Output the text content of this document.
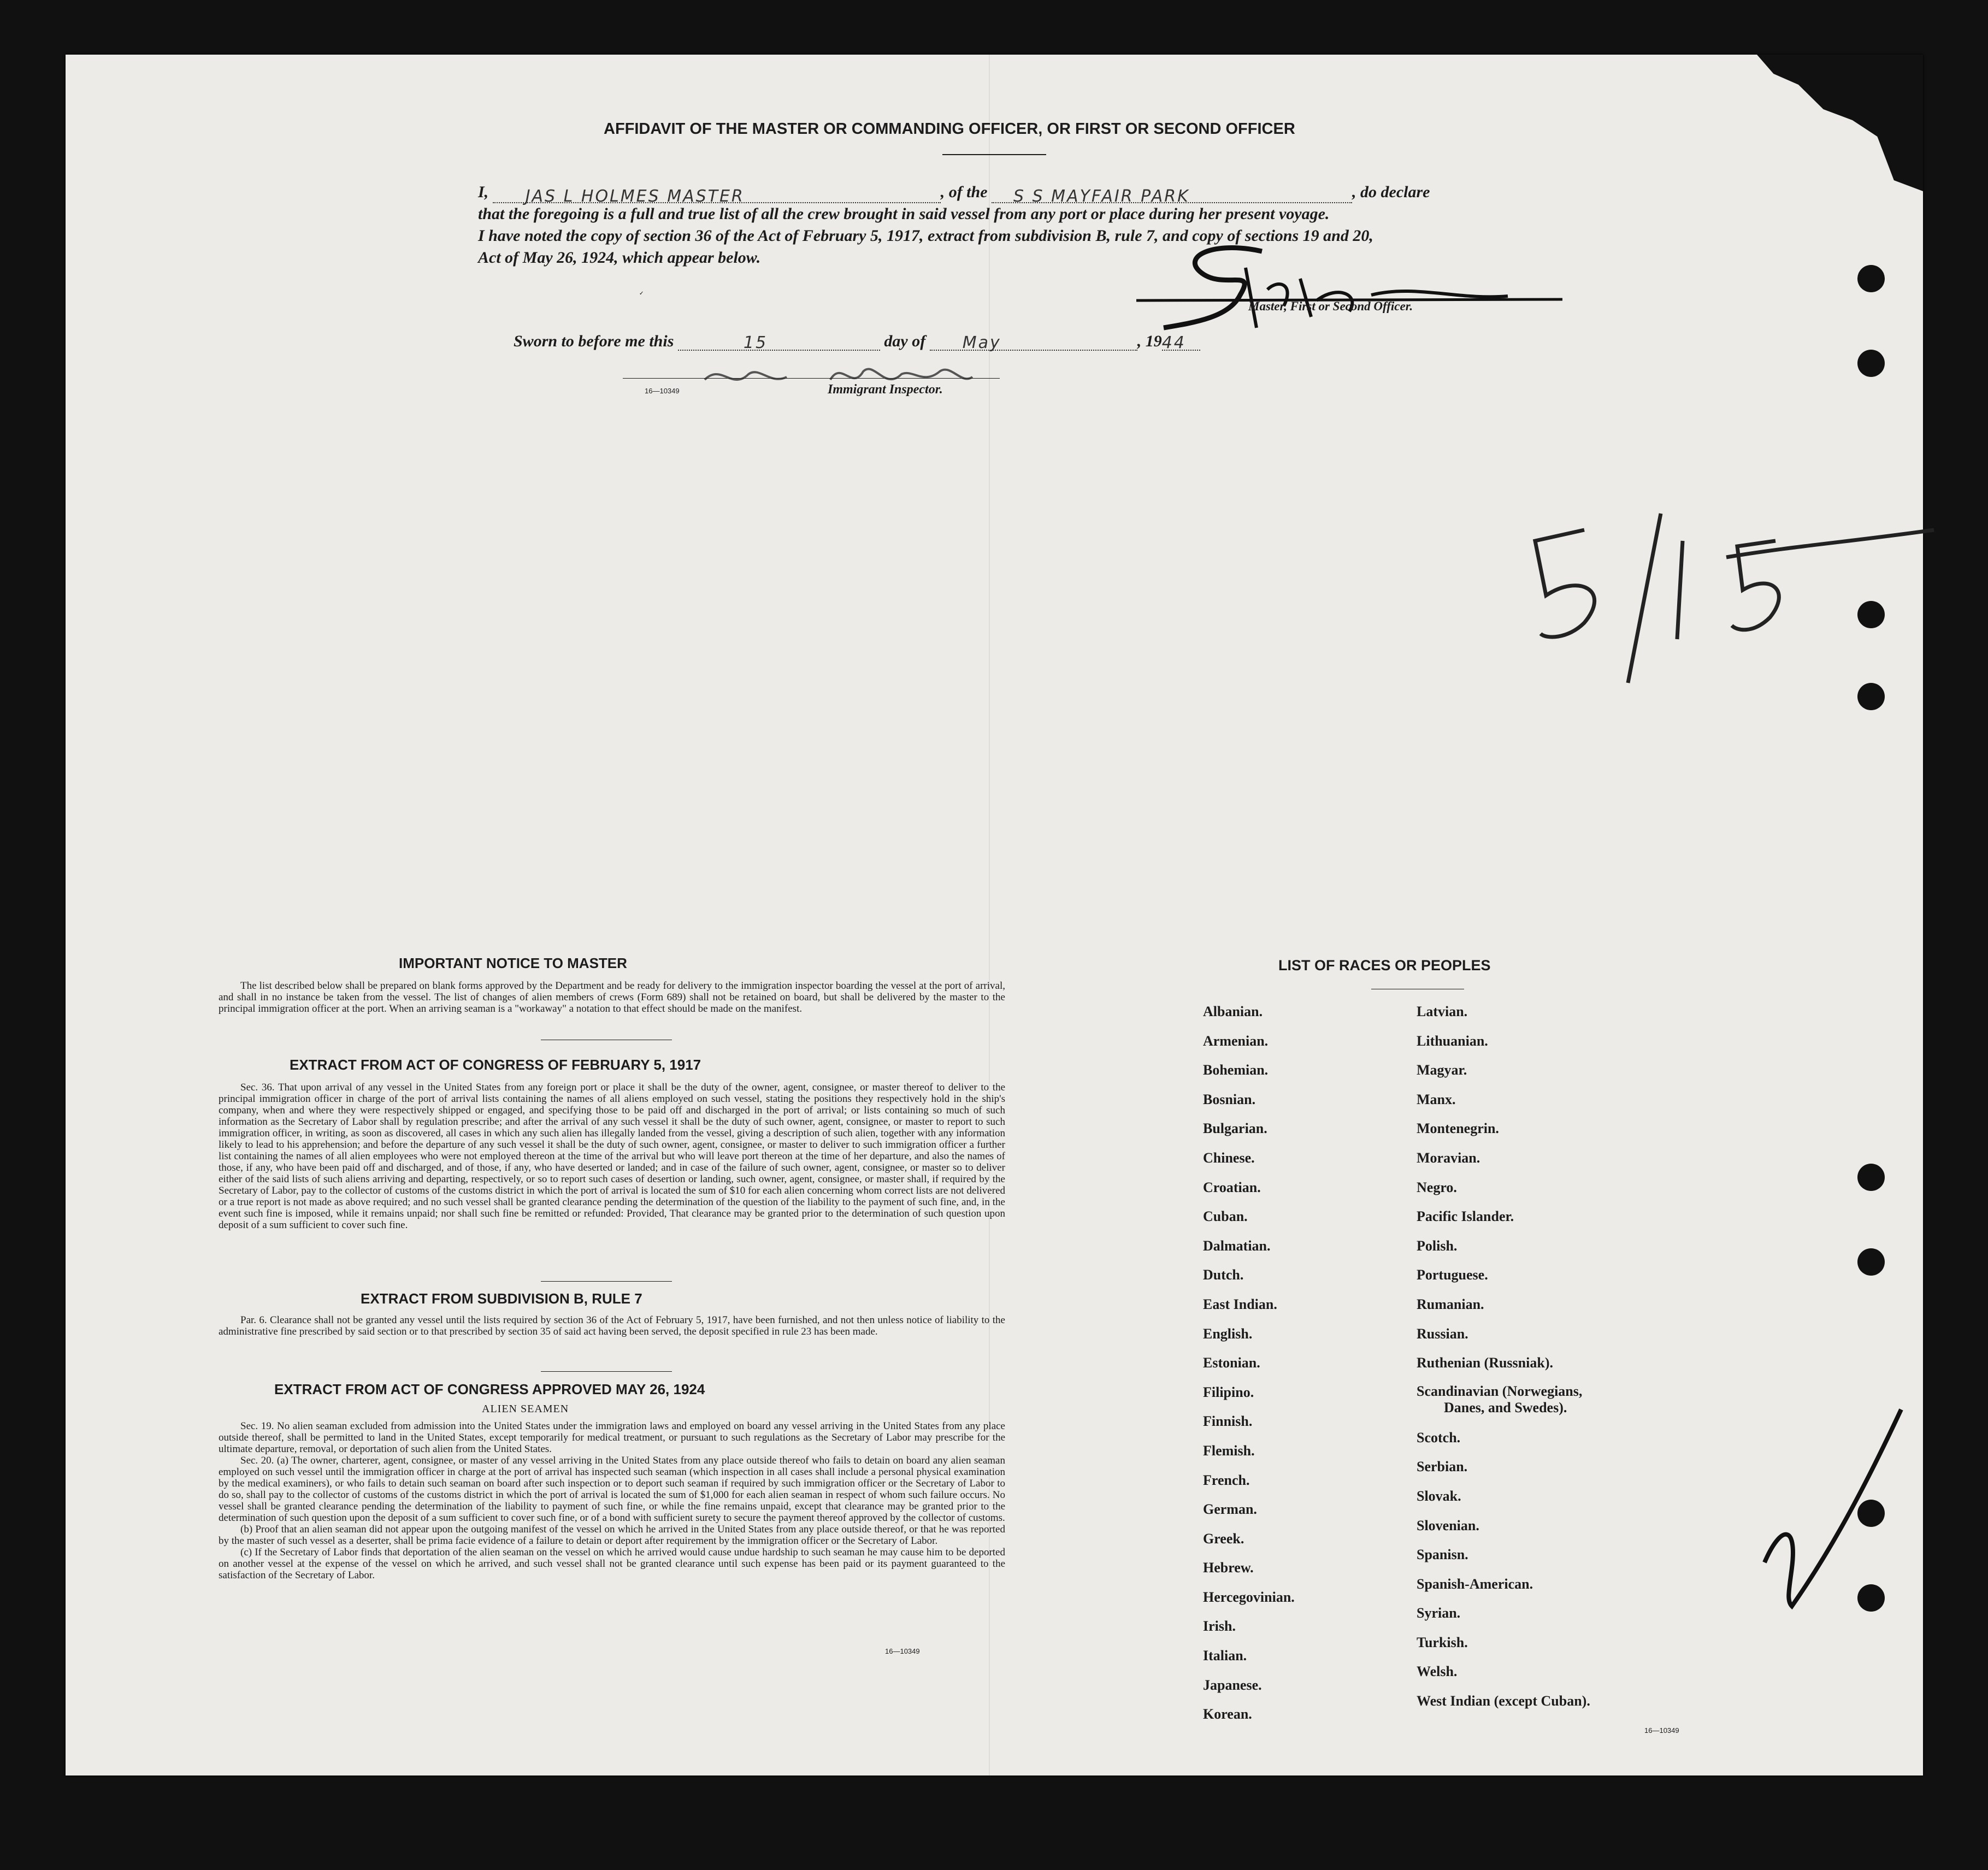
AFFIDAVIT OF THE MASTER OR COMMANDING OFFICER, OR FIRST OR SECOND OFFICER
I, JAS L HOLMES MASTER	, of the S S MAYFAIR PARK	, do declare
that the foregoing is a full and true list of all the crew brought in said vessel from any port or place during her present voyage.
I have noted the copy of section 36 of the Act of February 5, 1917, extract from subdivision B, rule 7, and copy of sections 19 and 20,
Act of May 26, 1924, which appear below.
Master, First or Second Officer.
Sworn to before me this	15	day of May	, 1944
16—10349	Immigrant Inspector.
✓
IMPORTANT NOTICE TO MASTER

The list described below shall be prepared on blank forms approved by the Department and be ready for delivery to the immigration inspector boarding the vessel at the port of arrival, and shall in no instance be taken from the vessel. The list of changes of alien members of crews (Form 689) shall not be retained on board, but shall be delivered by the master to the principal immigration officer at the port. When an arriving seaman is a "workaway" a notation to that effect should be made on the manifest.

EXTRACT FROM ACT OF CONGRESS OF FEBRUARY 5, 1917

Sec. 36. That upon arrival of any vessel in the United States from any foreign port or place it shall be the duty of the owner, agent, consignee, or master thereof to deliver to the principal immigration officer in charge of the port of arrival lists containing the names of all aliens employed on such vessel, stating the positions they respectively hold in the ship's company, when and where they were respectively shipped or engaged, and specifying those to be paid off and discharged in the port of arrival; or lists containing so much of such information as the Secretary of Labor shall by regulation prescribe; and after the arrival of any such vessel it shall be the duty of such owner, agent, consignee, or master to report to such immigration officer, in writing, as soon as discovered, all cases in which any such alien has illegally landed from the vessel, giving a description of such alien, together with any information likely to lead to his apprehension; and before the departure of any such vessel it shall be the duty of such owner, agent, consignee, or master to deliver to such immigration officer a further list containing the names of all alien employees who were not employed thereon at the time of the arrival but who will leave port thereon at the time of her departure, and also the names of those, if any, who have been paid off and discharged, and of those, if any, who have deserted or landed; and in case of the failure of such owner, agent, consignee, or master so to deliver either of the said lists of such aliens arriving and departing, respectively, or so to report such cases of desertion or landing, such owner, agent, consignee, or master shall, if required by the Secretary of Labor, pay to the collector of customs of the customs district in which the port of arrival is located the sum of $10 for each alien concerning whom correct lists are not delivered or a true report is not made as above required; and no such vessel shall be granted clearance pending the determination of the question of the liability to the payment of such fine, and, in the event such fine is imposed, while it remains unpaid; nor shall such fine be remitted or refunded: Provided, That clearance may be granted prior to the determination of such question upon deposit of a sum sufficient to cover such fine.

EXTRACT FROM SUBDIVISION B, RULE 7

Par. 6. Clearance shall not be granted any vessel until the lists required by section 36 of the Act of February 5, 1917, have been furnished, and not then unless notice of liability to the administrative fine prescribed by said section or to that prescribed by section 35 of said act having been served, the deposit specified in rule 23 has been made.

EXTRACT FROM ACT OF CONGRESS APPROVED MAY 26, 1924
ALIEN SEAMEN

Sec. 19. No alien seaman excluded from admission into the United States under the immigration laws and employed on board any vessel arriving in the United States from any place outside thereof, shall be permitted to land in the United States, except temporarily for medical treatment, or pursuant to such regulations as the Secretary of Labor may prescribe for the ultimate departure, removal, or deportation of such alien from the United States.

Sec. 20. (a) The owner, charterer, agent, consignee, or master of any vessel arriving in the United States from any place outside thereof who fails to detain on board any alien seaman employed on such vessel until the immigration officer in charge at the port of arrival has inspected such seaman (which inspection in all cases shall include a personal physical examination by the medical examiners), or who fails to detain such seaman on board after such inspection or to deport such seaman if required by such immigration officer or the Secretary of Labor to do so, shall pay to the collector of customs of the customs district in which the port of arrival is located the sum of $1,000 for each alien seaman in respect of whom such failure occurs. No vessel shall be granted clearance pending the determination of the liability to payment of such fine, or while the fine remains unpaid, except that clearance may be granted prior to the determination of such question upon the deposit of a sum sufficient to cover such fine, or of a bond with sufficient surety to secure the payment thereof approved by the collector of customs.

(b) Proof that an alien seaman did not appear upon the outgoing manifest of the vessel on which he arrived in the United States from any place outside thereof, or that he was reported by the master of such vessel as a deserter, shall be prima facie evidence of a failure to detain or deport after requirement by the immigration officer or the Secretary of Labor.

(c) If the Secretary of Labor finds that deportation of the alien seaman on the vessel on which he arrived would cause undue hardship to such seaman he may cause him to be deported on another vessel at the expense of the vessel on which he arrived, and such vessel shall not be granted clearance until such expense has been paid or its payment guaranteed to the satisfaction of the Secretary of Labor.

16—10349
LIST OF RACES OR PEOPLES
Albanian.
Armenian.
Bohemian.
Bosnian.
Bulgarian.
Chinese.
Croatian.
Cuban.
Dalmatian.
Dutch.
East Indian.
English.
Estonian.
Filipino.
Finnish.
Flemish.
French.
German.
Greek.
Hebrew.
Hercegovinian.
Irish.
Italian.
Japanese.
Korean.
Latvian.
Lithuanian.
Magyar.
Manx.
Montenegrin.
Moravian.
Negro.
Pacific Islander.
Polish.
Portuguese.
Rumanian.
Russian.
Ruthenian (Russniak).
Scandinavian (Norwegians,
Danes, and Swedes).
Scotch.
Serbian.
Slovak.
Slovenian.
Spanisn.
Spanish-American.
Syrian.
Turkish.
Welsh.
West Indian (except Cuban).
16—10349
